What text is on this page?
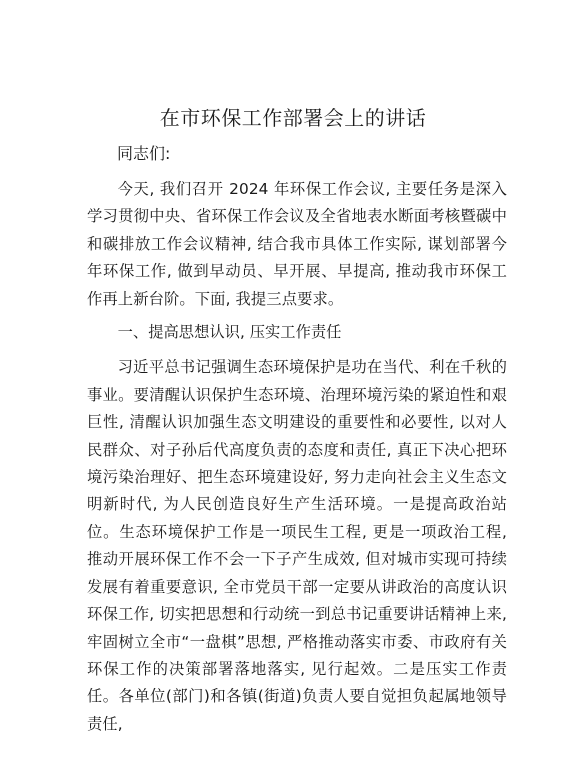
在市环保工作部署会上的讲话
同志们:

今天, 我们召开 2024 年环保工作会议, 主要任务是深入学习贯彻中央、省环保工作会议及全省地表水断面考核暨碳中和碳排放工作会议精神, 结合我市具体工作实际, 谋划部署今年环保工作, 做到早动员、早开展、早提高, 推动我市环保工作再上新台阶。下面, 我提三点要求。

一、提高思想认识, 压实工作责任

习近平总书记强调生态环境保护是功在当代、利在千秋的事业。要清醒认识保护生态环境、治理环境污染的紧迫性和艰巨性, 清醒认识加强生态文明建设的重要性和必要性, 以对人民群众、对子孙后代高度负责的态度和责任, 真正下决心把环境污染治理好、把生态环境建设好, 努力走向社会主义生态文明新时代, 为人民创造良好生产生活环境。一是提高政治站位。生态环境保护工作是一项民生工程, 更是一项政治工程, 推动开展环保工作不会一下子产生成效, 但对城市实现可持续发展有着重要意识, 全市党员干部一定要从讲政治的高度认识环保工作, 切实把思想和行动统一到总书记重要讲话精神上来, 牢固树立全市“一盘棋”思想, 严格推动落实市委、市政府有关环保工作的决策部署落地落实, 见行起效。二是压实工作责任。各单位(部门)和各镇(街道)负责人要自觉担负起属地领导责任,
